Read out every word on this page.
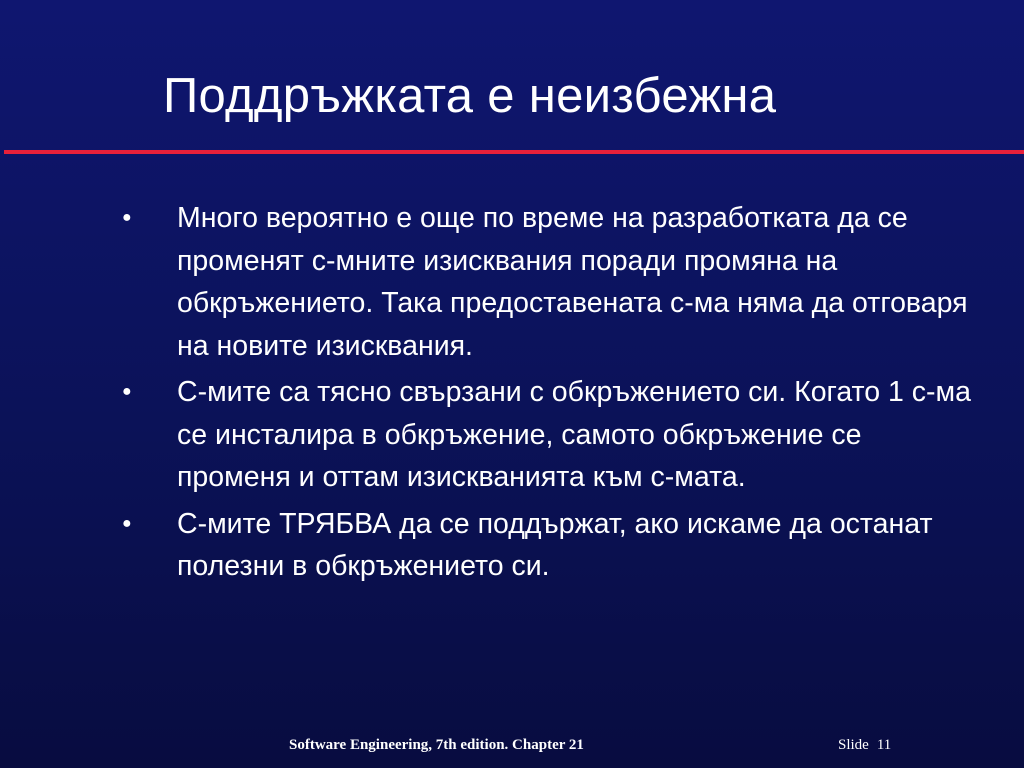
Поддръжката е неизбежна
● Много вероятно е още по време на разработката да се променят с-мните изисквания поради промяна на обкръжението. Така предоставената с-ма няма да отговаря на новите изисквания.
● С-мите са тясно свързани с обкръжението си. Когато 1 с-ма се инсталира в обкръжение, самото обкръжение се променя и оттам изискванията към с-мата.
● С-мите ТРЯБВА да се поддържат, ако искаме да останат полезни в обкръжението си.
Software Engineering, 7th edition. Chapter 21	Slide 11
